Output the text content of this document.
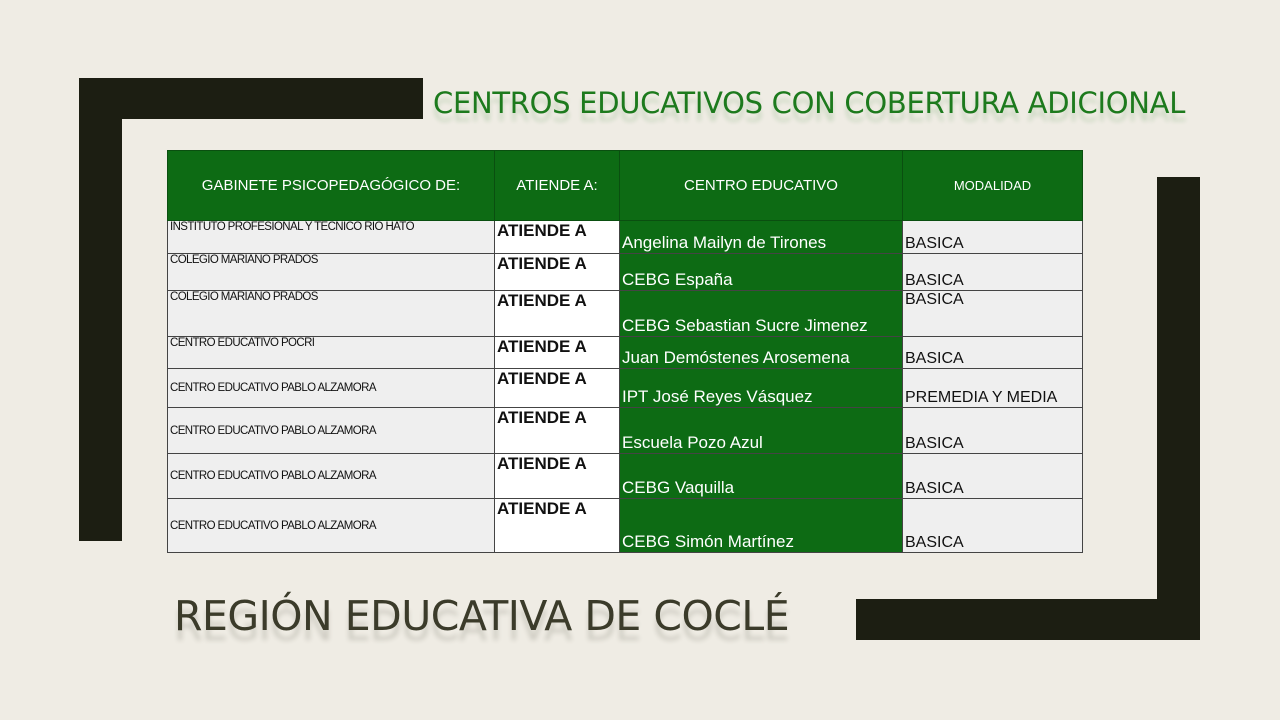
CENTROS EDUCATIVOS CON COBERTURA ADICIONAL
GABINETE PSICOPEDAGÓGICO DE:	ATIENDE A:	CENTRO EDUCATIVO	MODALIDAD
INSTITUTO PROFESIONAL Y TECNICO RIO HATO	ATIENDE A	Angelina Mailyn de Tirones	BASICA
COLEGIO MARIANO PRADOS	ATIENDE A	CEBG España	BASICA
COLEGIO MARIANO PRADOS	ATIENDE A	CEBG Sebastian Sucre Jimenez	BASICA
CENTRO EDUCATIVO POCRI	ATIENDE A	Juan Demóstenes Arosemena	BASICA
CENTRO EDUCATIVO PABLO ALZAMORA	ATIENDE A	IPT José Reyes Vásquez	PREMEDIA Y MEDIA
CENTRO EDUCATIVO PABLO ALZAMORA	ATIENDE A	Escuela Pozo Azul	BASICA
CENTRO EDUCATIVO PABLO ALZAMORA	ATIENDE A	CEBG Vaquilla	BASICA
CENTRO EDUCATIVO PABLO ALZAMORA	ATIENDE A	CEBG Simón Martínez	BASICA
REGIÓN EDUCATIVA DE COCLÉ
